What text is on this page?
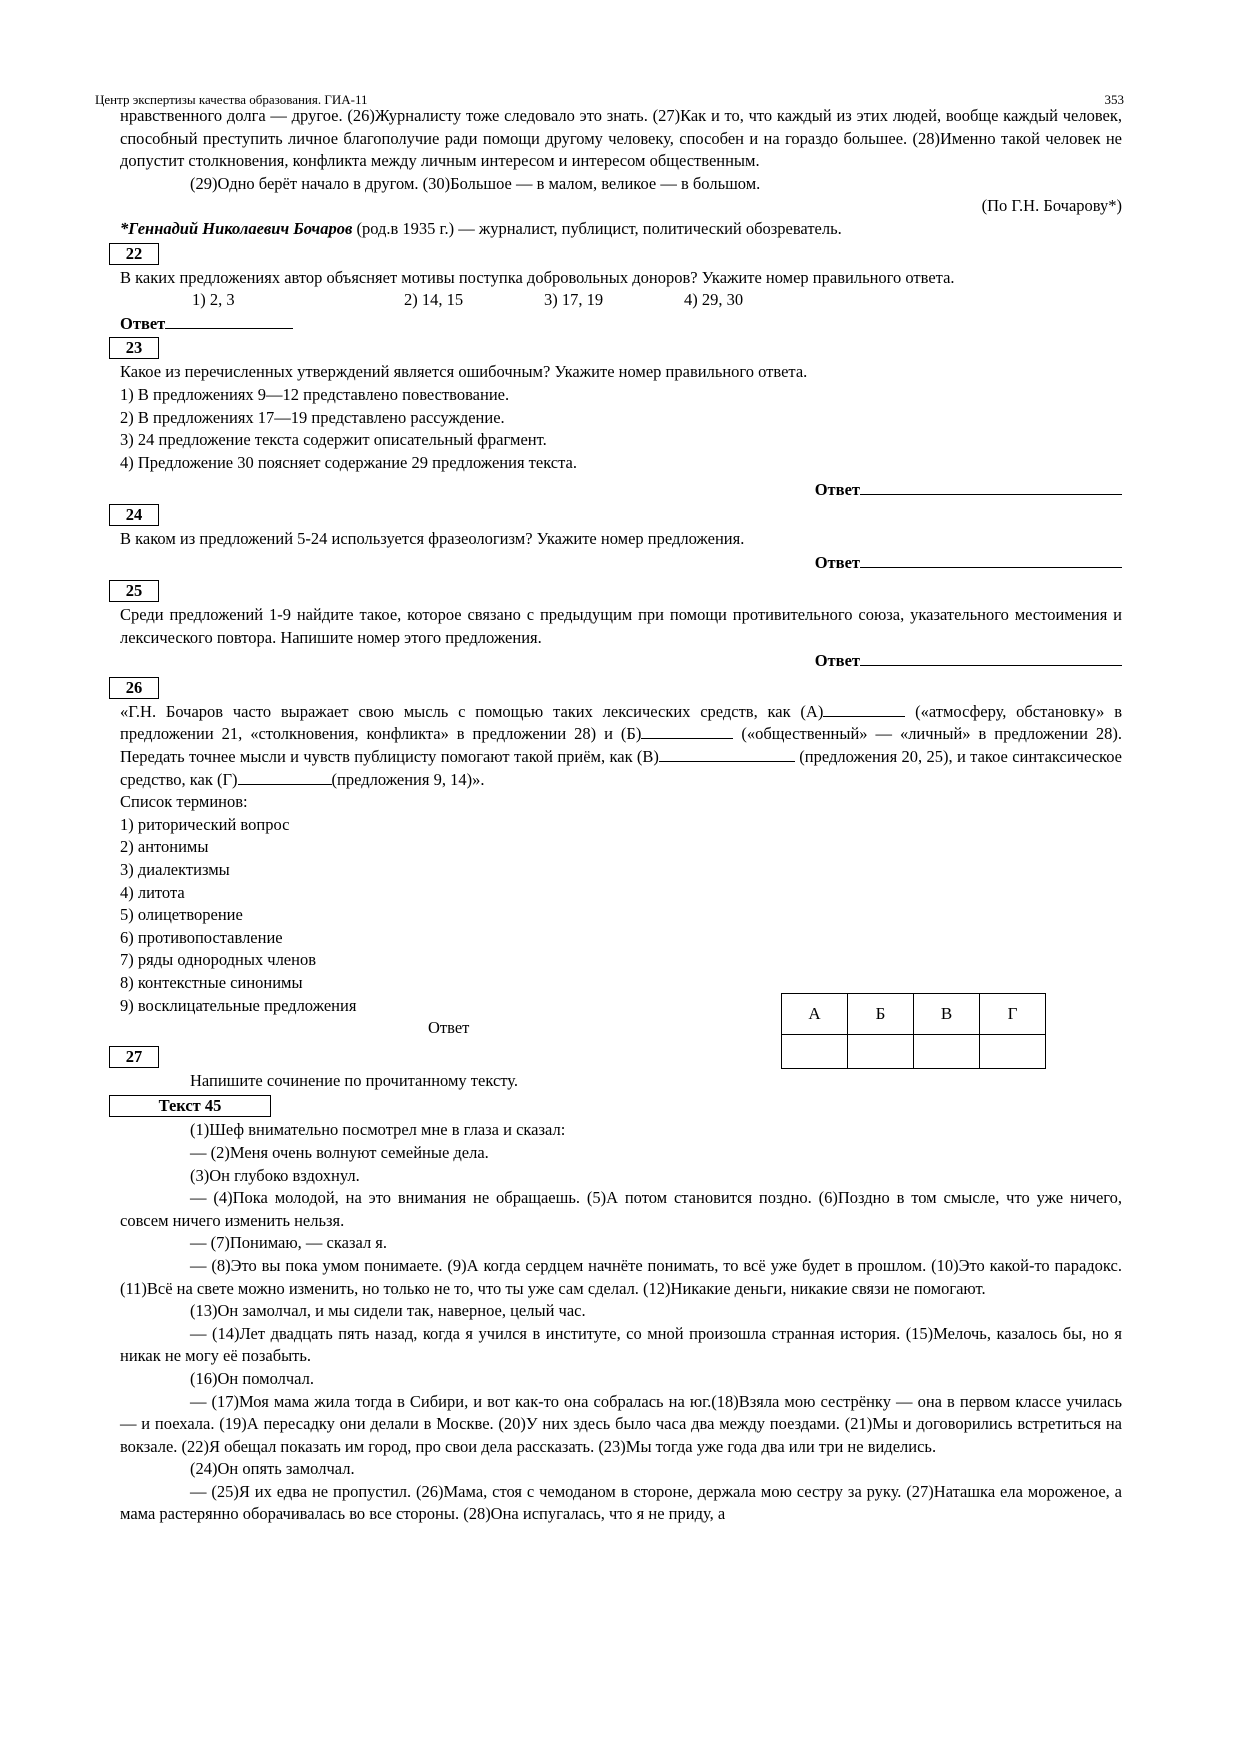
Центр экспертизы качества образования. ГИА-11	353

нравственного долга — другое. (26)Журналисту тоже следовало это знать. (27)Как и то, что каждый из этих людей, вообще каждый человек, способный преступить личное благополучие ради помощи другому человеку, способен и на гораздо большее. (28)Именно такой человек не допустит столкновения, конфликта между личным интересом и интересом общественным.

(29)Одно берёт начало в другом. (30)Большое — в малом, великое — в большом.

(По Г.Н. Бочарову*)

*Геннадий Николаевич Бочаров (род.в 1935 г.) — журналист, публицист, политический обозреватель.

22

В каких предложениях автор объясняет мотивы поступка добровольных доноров? Укажите номер правильного ответа.

1) 2, 3	2) 14, 15	3) 17, 19	4) 29, 30

Ответ

23

Какое из перечисленных утверждений является ошибочным? Укажите номер правильного ответа.

1) В предложениях 9—12 представлено повествование.

2) В предложениях 17—19 представлено рассуждение.

3) 24 предложение текста содержит описательный фрагмент.

4) Предложение 30 поясняет содержание 29 предложения текста.

Ответ

24

В каком из предложений 5-24 используется фразеологизм? Укажите номер предложения.

Ответ

25

Среди предложений 1-9 найдите такое, которое связано с предыдущим при помощи противительного союза, указательного местоимения и лексического повтора. Напишите номер этого предложения.

Ответ

26

«Г.Н. Бочаров часто выражает свою мысль с помощью таких лексических средств, как (А)	(«атмосферу, обстановку» в предложении 21, «столкновения, конфликта» в предложении 28) и (Б)	(«общественный» — «личный» в предложении 28). Передать точнее мысли и чувств публицисту помогают такой приём, как (В)	(предложения 20, 25), и такое синтаксическое средство, как (Г)	(предложения 9, 14)».

Список терминов:

1) риторический вопрос

2) антонимы

3) диалектизмы

4) литота

5) олицетворение

6) противопоставление

7) ряды однородных членов

8) контекстные синонимы

9) восклицательные предложения

Ответ

27

Напишите сочинение по прочитанному тексту.

Текст 45

(1)Шеф внимательно посмотрел мне в глаза и сказал:

— (2)Меня очень волнуют семейные дела.

(3)Он глубоко вздохнул.

— (4)Пока молодой, на это внимания не обращаешь. (5)А потом становится поздно. (6)Поздно в том смысле, что уже ничего, совсем ничего изменить нельзя.

— (7)Понимаю, — сказал я.

— (8)Это вы пока умом понимаете. (9)А когда сердцем начнёте понимать, то всё уже будет в прошлом. (10)Это какой-то парадокс. (11)Всё на свете можно изменить, но только не то, что ты уже сам сделал. (12)Никакие деньги, никакие связи не помогают.

(13)Он замолчал, и мы сидели так, наверное, целый час.

— (14)Лет двадцать пять назад, когда я учился в институте, со мной произошла странная история. (15)Мелочь, казалось бы, но я никак не могу её позабыть.

(16)Он помолчал.

— (17)Моя мама жила тогда в Сибири, и вот как-то она собралась на юг.(18)Взяла мою сестрёнку — она в первом классе училась — и поехала. (19)А пересадку они делали в Москве. (20)У них здесь было часа два между поездами. (21)Мы и договорились встретиться на вокзале. (22)Я обещал показать им город, про свои дела рассказать. (23)Мы тогда уже года два или три не виделись.

(24)Он опять замолчал.

— (25)Я их едва не пропустил. (26)Мама, стоя с чемоданом в стороне, держала мою сестру за руку. (27)Наташка ела мороженое, а мама растерянно оборачивалась во все стороны. (28)Она испугалась, что я не приду, а

А	Б	В	Г
